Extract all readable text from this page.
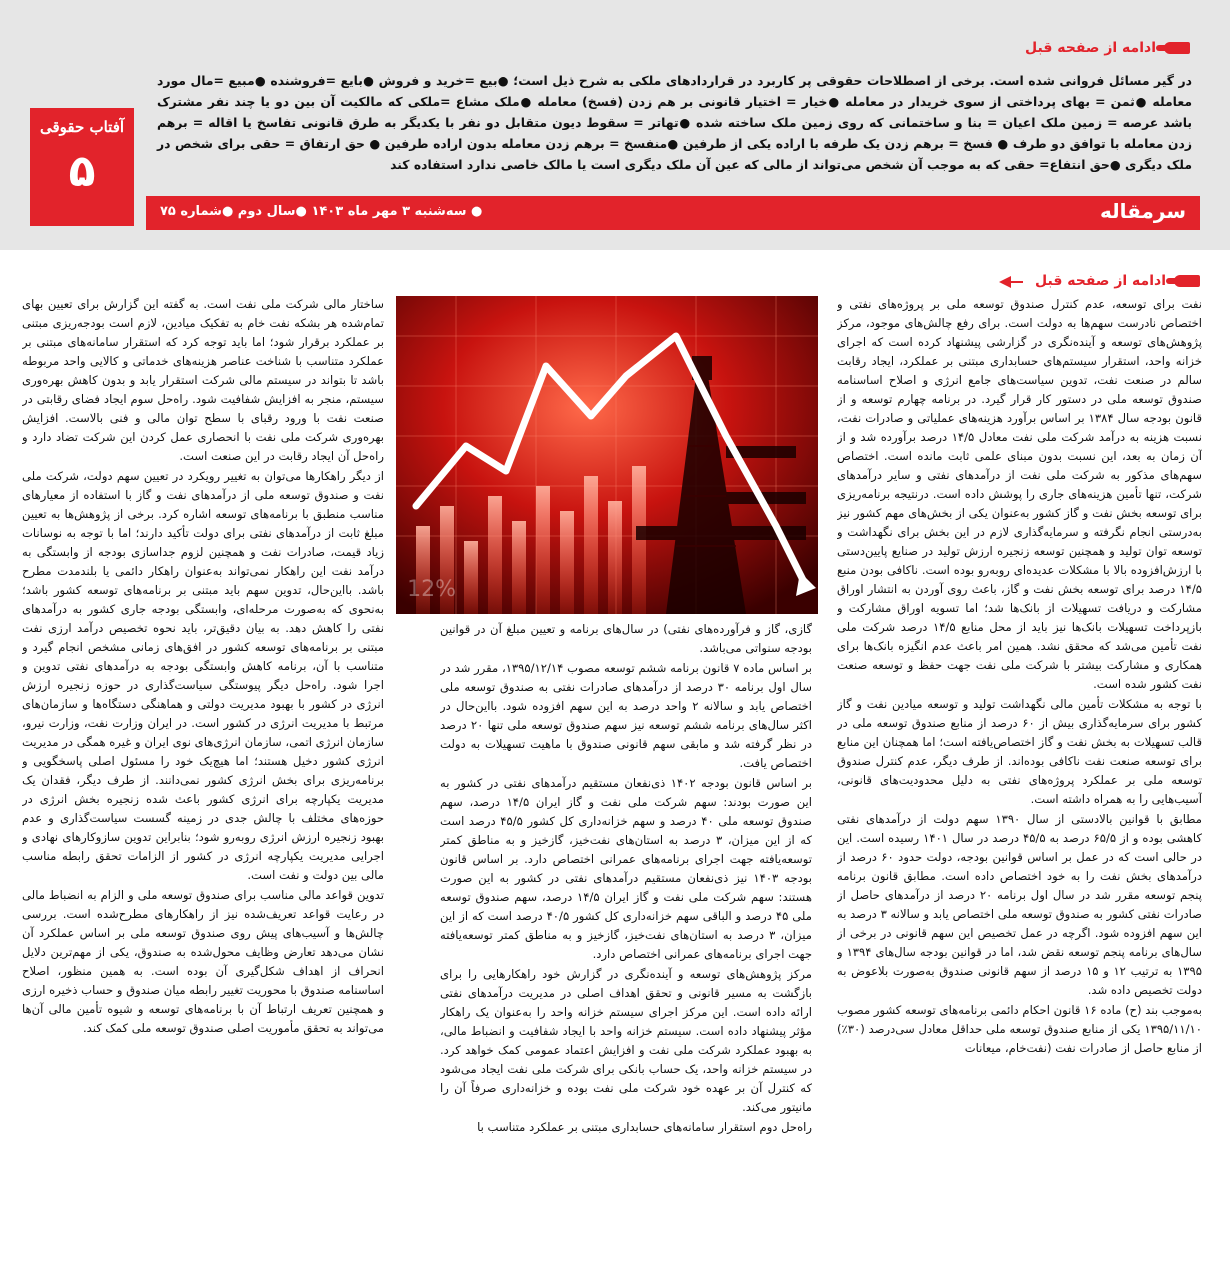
ادامه از صفحه قبل
در گیر مسائل فروانی شده است. برخی از اصطلاحات حقوقی پر کاربرد در قراردادهای ملکی به شرح ذیل است؛ ●بیع =خرید و فروش ●بایع =فروشنده ●مبیع =مال مورد معامله ●ثمن = بهای پرداختی از سوی خریدار در معامله ●خیار = اختیار قانونی بر هم زدن (فسخ) معامله ●ملک مشاع =ملکی که مالکیت آن بین دو یا چند نفر مشترک باشد عرصه = زمین ملک اعیان = بنا و ساختمانی که روی زمین ملک ساخته شده ●تهاتر = سقوط دیون متقابل دو نفر با یکدیگر به طرق قانونی تفاسخ یا اقاله = برهم زدن معامله با توافق دو طرف ● فسخ = برهم زدن یک طرفه با اراده یکی از طرفین ●منفسخ = برهم زدن معامله بدون اراده طرفین ● حق ارتفاق = حقی برای شخص در ملک دیگری ●حق انتفاع= حقی که به موجب آن شخص می‌تواند از مالی که عین آن ملک دیگری است یا مالک خاصی ندارد استفاده کند
آفتاب حقوقی
۵
سرمقاله
● سه‌شنبه ۳ مهر ماه ۱۴۰۳ ●سال دوم ●شماره ۷۵
ادامه از صفحه قبل

نفت برای توسعه، عدم کنترل صندوق توسعه ملی بر پروژه‌های نفتی و اختصاص نادرست سهم‌ها به دولت است. برای رفع چالش‌های موجود، مرکز پژوهش‌های توسعه و آینده‌نگری در گزارشی پیشنهاد کرده است که اجرای خزانه واحد، استقرار سیستم‌های حسابداری مبتنی بر عملکرد، ایجاد رقابت سالم در صنعت نفت، تدوین سیاست‌های جامع انرژی و اصلاح اساسنامه صندوق توسعه ملی در دستور کار قرار گیرد. در برنامه چهارم توسعه و از قانون بودجه سال ۱۳۸۴ بر اساس برآورد هزینه‌های عملیاتی و صادرات نفت، نسبت هزینه به درآمد شرکت ملی نفت معادل ۱۴/۵ درصد برآورده شد و از آن زمان به بعد، این نسبت بدون مبنای علمی ثابت مانده است. اختصاص سهم‌های مذکور به شرکت ملی نفت از درآمدهای نفتی و سایر درآمدهای شرکت، تنها تأمین هزینه‌های جاری را پوشش داده است. درنتیجه برنامه‌ریزی برای توسعه بخش نفت و گاز کشور به‌عنوان یکی از بخش‌های مهم کشور نیز به‌درستی انجام نگرفته و سرمایه‌گذاری لازم در این بخش برای نگهداشت و توسعه توان تولید و همچنین توسعه زنجیره ارزش تولید در صنایع پایین‌دستی با ارزش‌افزوده بالا با مشکلات عدیده‌ای روبه‌رو بوده است. ناکافی بودن منبع ۱۴/۵ درصد برای توسعه بخش نفت و گاز، باعث روی آوردن به انتشار اوراق مشارکت و دریافت تسهیلات از بانک‌ها شد؛ اما تسویه اوراق مشارکت و بازپرداخت تسهیلات بانک‌ها نیز باید از محل منابع ۱۴/۵ درصد شرکت ملی نفت تأمین می‌شد که محقق نشد. همین امر باعث عدم انگیزه بانک‌ها برای همکاری و مشارکت بیشتر با شرکت ملی نفت جهت حفظ و توسعه صنعت نفت کشور شده است.

با توجه به مشکلات تأمین مالی نگهداشت تولید و توسعه میادین نفت و گاز کشور برای سرمایه‌گذاری بیش از ۶۰ درصد از منابع صندوق توسعه ملی در قالب تسهیلات به بخش نفت و گاز اختصاص‌یافته است؛ اما همچنان این منابع برای توسعه صنعت نفت ناکافی بوده‌اند. از طرف دیگر، عدم کنترل صندوق توسعه ملی بر عملکرد پروژه‌های نفتی به دلیل محدودیت‌های قانونی، آسیب‌هایی را به همراه داشته است.

مطابق با قوانین بالادستی از سال ۱۳۹۰ سهم دولت از درآمدهای نفتی کاهشی بوده و از ۶۵/۵ درصد به ۴۵/۵ درصد در سال ۱۴۰۱ رسیده است. این در حالی است که در عمل بر اساس قوانین بودجه، دولت حدود ۶۰ درصد از درآمدهای بخش نفت را به خود اختصاص داده است. مطابق قانون برنامه پنجم توسعه مقرر شد در سال اول برنامه ۲۰ درصد از درآمدهای حاصل از صادرات نفتی کشور به صندوق توسعه ملی اختصاص یابد و سالانه ۳ درصد به این سهم افزوده شود. اگرچه در عمل تخصیص این سهم قانونی در برخی از سال‌های برنامه پنجم توسعه نقض شد، اما در قوانین بودجه سال‌های ۱۳۹۴ و ۱۳۹۵ به ترتیب ۱۲ و ۱۵ درصد از سهم قانونی صندوق به‌صورت بلاعوض به دولت تخصیص داده شد.

به‌موجب بند (ح) ماده ۱۶ قانون احکام دائمی برنامه‌های توسعه کشور مصوب ۱۳۹۵/۱۱/۱۰ یکی از منابع صندوق توسعه ملی حداقل معادل سی‌درصد (۳۰٪) از منابع حاصل از صادرات نفت (نفت‌خام، میعانات

12%

گازی، گاز و فرآورده‌های نفتی) در سال‌های برنامه و تعیین مبلغ آن در قوانین بودجه سنواتی می‌باشد.

بر اساس ماده ۷ قانون برنامه ششم توسعه مصوب ۱۳۹۵/۱۲/۱۴، مقرر شد در سال اول برنامه ۳۰ درصد از درآمدهای صادرات نفتی به صندوق توسعه ملی اختصاص یابد و سالانه ۲ واحد درصد به این سهم افزوده شود. بااین‌حال در اکثر سال‌های برنامه ششم توسعه نیز سهم صندوق توسعه ملی تنها ۲۰ درصد در نظر گرفته شد و مابقی سهم قانونی صندوق با ماهیت تسهیلات به دولت اختصاص یافت.

بر اساس قانون بودجه ۱۴۰۲ ذی‌نفعان مستقیم درآمدهای نفتی در کشور به این صورت بودند: سهم شرکت ملی نفت و گاز ایران ۱۴/۵ درصد، سهم صندوق توسعه ملی ۴۰ درصد و سهم خزانه‌داری کل کشور ۴۵/۵ درصد است که از این میزان، ۳ درصد به استان‌های نفت‌خیز، گازخیز و به مناطق کمتر توسعه‌یافته جهت اجرای برنامه‌های عمرانی اختصاص دارد. بر اساس قانون بودجه ۱۴۰۳ نیز ذی‌نفعان مستقیم درآمدهای نفتی در کشور به این صورت هستند: سهم شرکت ملی نفت و گاز ایران ۱۴/۵ درصد، سهم صندوق توسعه ملی ۴۵ درصد و الباقی سهم خزانه‌داری کل کشور ۴۰/۵ درصد است که از این میزان، ۳ درصد به استان‌های نفت‌خیز، گازخیز و به مناطق کمتر توسعه‌یافته جهت اجرای برنامه‌های عمرانی اختصاص دارد.

مرکز پژوهش‌های توسعه و آینده‌نگری در گزارش خود راهکارهایی را برای بازگشت به مسیر قانونی و تحقق اهداف اصلی در مدیریت درآمدهای نفتی ارائه داده است. این مرکز اجرای سیستم خزانه واحد را به‌عنوان یک راهکار مؤثر پیشنهاد داده است. سیستم خزانه واحد با ایجاد شفافیت و انضباط مالی، به بهبود عملکرد شرکت ملی نفت و افزایش اعتماد عمومی کمک خواهد کرد. در سیستم خزانه واحد، یک حساب بانکی برای شرکت ملی نفت ایجاد می‌شود که کنترل آن بر عهده خود شرکت ملی نفت بوده و خزانه‌داری صرفاً آن را مانیتور می‌کند.

راه‌حل دوم استقرار سامانه‌های حسابداری مبتنی بر عملکرد متناسب با

ساختار مالی شرکت ملی نفت است. به گفته این گزارش برای تعیین بهای تمام‌شده هر بشکه نفت خام به تفکیک میادین، لازم است بودجه‌ریزی مبتنی بر عملکرد برقرار شود؛ اما باید توجه کرد که استقرار سامانه‌های مبتنی بر عملکرد متناسب با شناخت عناصر هزینه‌های خدماتی و کالایی واحد مربوطه باشد تا بتواند در سیستم مالی شرکت استقرار یابد و بدون کاهش بهره‌وری سیستم، منجر به افزایش شفافیت شود. راه‌حل سوم ایجاد فضای رقابتی در صنعت نفت با ورود رقبای با سطح توان مالی و فنی بالاست. افزایش بهره‌وری شرکت ملی نفت با انحصاری عمل کردن این شرکت تضاد دارد و راه‌حل آن ایجاد رقابت در این صنعت است.

از دیگر راهکارها می‌توان به تغییر رویکرد در تعیین سهم دولت، شرکت ملی نفت و صندوق توسعه ملی از درآمدهای نفت و گاز با استفاده از معیارهای مناسب منطبق با برنامه‌های توسعه اشاره کرد. برخی از پژوهش‌ها به تعیین مبلغ ثابت از درآمدهای نفتی برای دولت تأکید دارند؛ اما با توجه به نوسانات زیاد قیمت، صادرات نفت و همچنین لزوم جداسازی بودجه از وابستگی به درآمد نفت این راهکار نمی‌تواند به‌عنوان راهکار دائمی یا بلندمدت مطرح باشد. بااین‌حال، تدوین سهم باید مبتنی بر برنامه‌های توسعه کشور باشد؛ به‌نحوی که به‌صورت مرحله‌ای، وابستگی بودجه جاری کشور به درآمدهای نفتی را کاهش دهد. به بیان دقیق‌تر، باید نحوه تخصیص درآمد ارزی نفت مبتنی بر برنامه‌های توسعه کشور در افق‌های زمانی مشخص انجام گیرد و متناسب با آن، برنامه کاهش وابستگی بودجه به درآمدهای نفتی تدوین و اجرا شود. راه‌حل دیگر پیوستگی سیاست‌گذاری در حوزه زنجیره ارزش انرژی در کشور با بهبود مدیریت دولتی و هماهنگی دستگاه‌ها و سازمان‌های مرتبط با مدیریت انرژی در کشور است. در ایران وزارت نفت، وزارت نیرو، سازمان انرژی اتمی، سازمان انرژی‌های نوی ایران و غیره همگی در مدیریت انرژی کشور دخیل هستند؛ اما هیچ‌یک خود را مسئول اصلی پاسخگویی و برنامه‌ریزی برای بخش انرژی کشور نمی‌دانند. از طرف دیگر، فقدان یک مدیریت یکپارچه برای انرژی کشور باعث شده زنجیره بخش انرژی در حوزه‌های مختلف با چالش جدی در زمینه گسست سیاست‌گذاری و عدم بهبود زنجیره ارزش انرژی روبه‌رو شود؛ بنابراین تدوین سازوکارهای نهادی و اجرایی مدیریت یکپارچه انرژی در کشور از الزامات تحقق رابطه مناسب مالی بین دولت و نفت است.

تدوین قواعد مالی مناسب برای صندوق توسعه ملی و الزام به انضباط مالی در رعایت قواعد تعریف‌شده نیز از راهکارهای مطرح‌شده است. بررسی چالش‌ها و آسیب‌های پیش روی صندوق توسعه ملی بر اساس عملکرد آن نشان می‌دهد تعارض وظایف محول‌شده به صندوق، یکی از مهم‌ترین دلایل انحراف از اهداف شکل‌گیری آن بوده است. به همین منظور، اصلاح اساسنامه صندوق با محوریت تغییر رابطه میان صندوق و حساب ذخیره ارزی و همچنین تعریف ارتباط آن با برنامه‌های توسعه و شیوه تأمین مالی آن‌ها می‌تواند به تحقق مأموریت اصلی صندوق توسعه ملی کمک کند.
